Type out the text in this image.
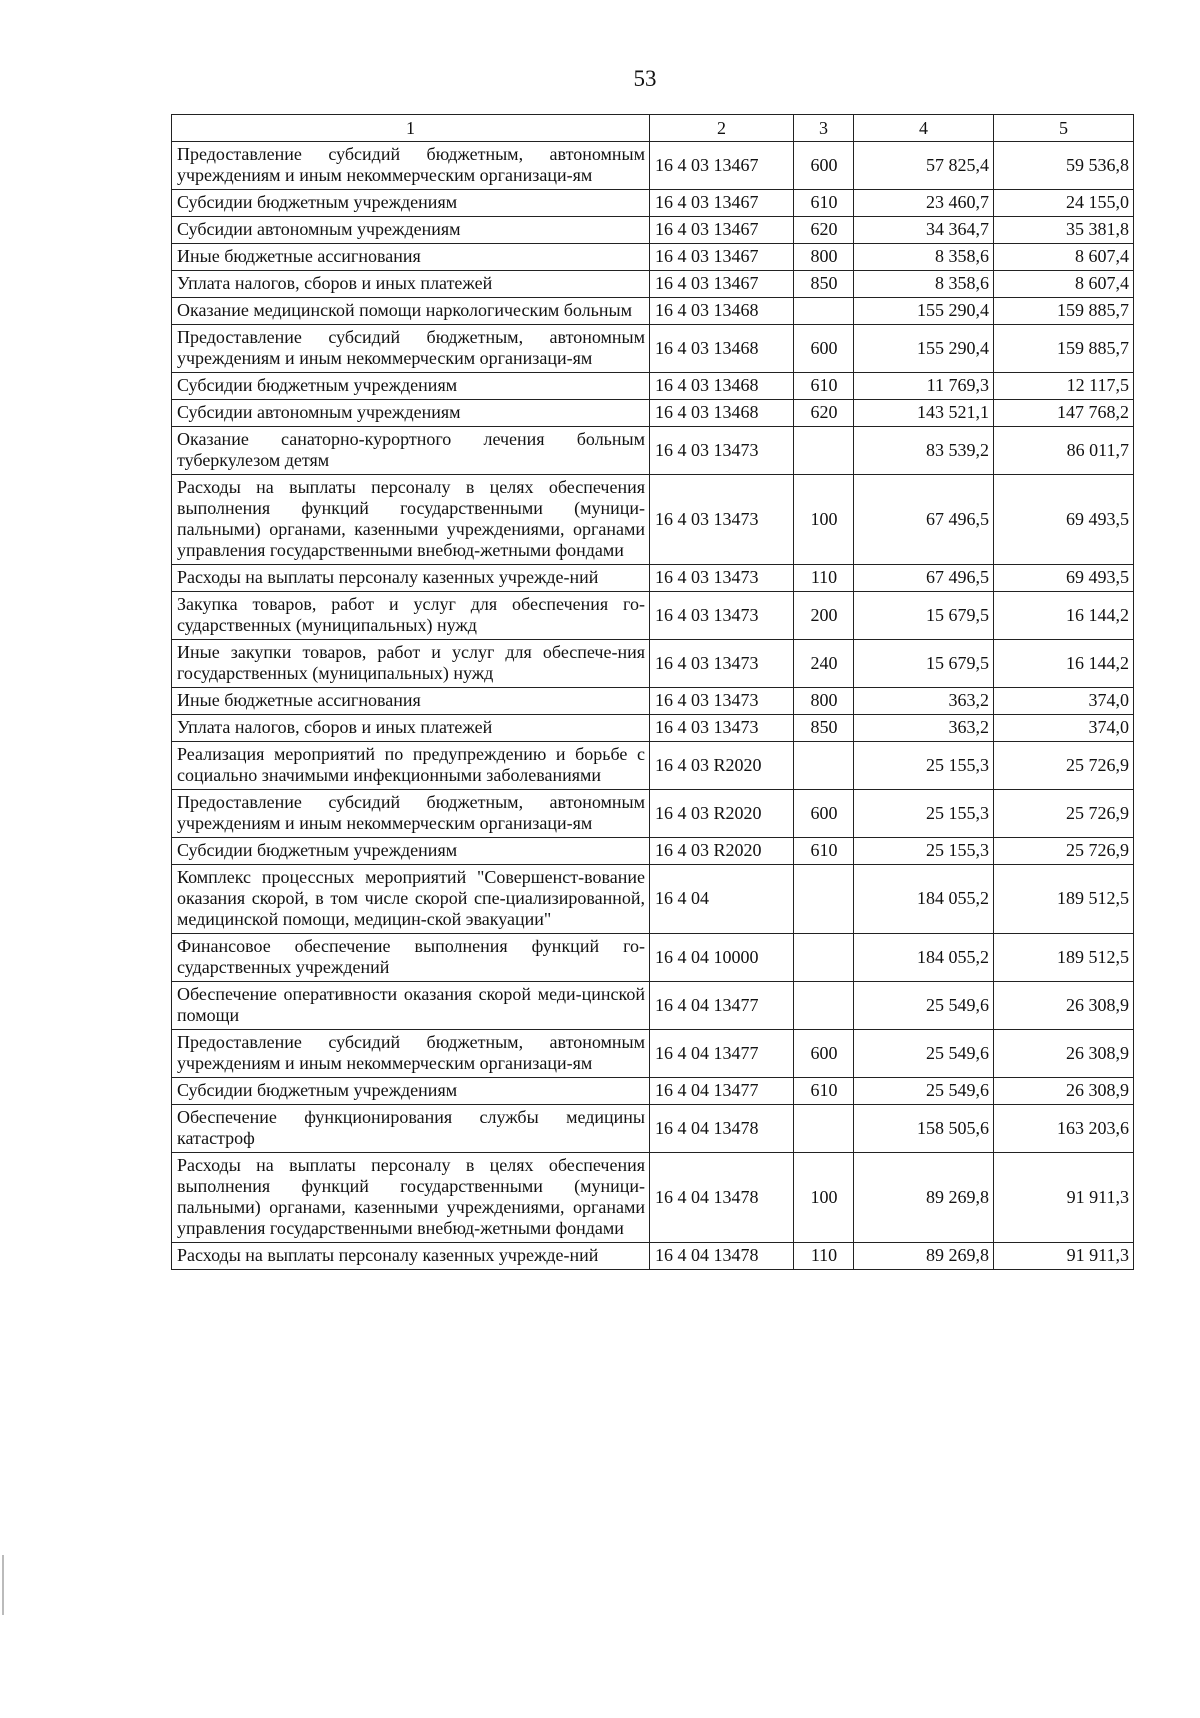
53
1	2	3	4	5
Предоставление субсидий бюджетным, автономным учреждениям и иным некоммерческим организаци-ям	16 4 03 13467	600	57 825,4	59 536,8
Субсидии бюджетным учреждениям	16 4 03 13467	610	23 460,7	24 155,0
Субсидии автономным учреждениям	16 4 03 13467	620	34 364,7	35 381,8
Иные бюджетные ассигнования	16 4 03 13467	800	8 358,6	8 607,4
Уплата налогов, сборов и иных платежей	16 4 03 13467	850	8 358,6	8 607,4
Оказание медицинской помощи наркологическим больным	16 4 03 13468		155 290,4	159 885,7
Предоставление субсидий бюджетным, автономным учреждениям и иным некоммерческим организаци-ям	16 4 03 13468	600	155 290,4	159 885,7
Субсидии бюджетным учреждениям	16 4 03 13468	610	11 769,3	12 117,5
Субсидии автономным учреждениям	16 4 03 13468	620	143 521,1	147 768,2
Оказание санаторно-курортного лечения больным туберкулезом детям	16 4 03 13473		83 539,2	86 011,7
Расходы на выплаты персоналу в целях обеспечения выполнения функций государственными (муници-пальными) органами, казенными учреждениями, органами управления государственными внебюд-жетными фондами	16 4 03 13473	100	67 496,5	69 493,5
Расходы на выплаты персоналу казенных учрежде-ний	16 4 03 13473	110	67 496,5	69 493,5
Закупка товаров, работ и услуг для обеспечения го-сударственных (муниципальных) нужд	16 4 03 13473	200	15 679,5	16 144,2
Иные закупки товаров, работ и услуг для обеспече-ния государственных (муниципальных) нужд	16 4 03 13473	240	15 679,5	16 144,2
Иные бюджетные ассигнования	16 4 03 13473	800	363,2	374,0
Уплата налогов, сборов и иных платежей	16 4 03 13473	850	363,2	374,0
Реализация мероприятий по предупреждению и борьбе с социально значимыми инфекционными заболеваниями	16 4 03 R2020		25 155,3	25 726,9
Предоставление субсидий бюджетным, автономным учреждениям и иным некоммерческим организаци-ям	16 4 03 R2020	600	25 155,3	25 726,9
Субсидии бюджетным учреждениям	16 4 03 R2020	610	25 155,3	25 726,9
Комплекс процессных мероприятий "Совершенст-вование оказания скорой, в том числе скорой спе-циализированной, медицинской помощи, медицин-ской эвакуации"	16 4 04		184 055,2	189 512,5
Финансовое обеспечение выполнения функций го-сударственных учреждений	16 4 04 10000		184 055,2	189 512,5
Обеспечение оперативности оказания скорой меди-цинской помощи	16 4 04 13477		25 549,6	26 308,9
Предоставление субсидий бюджетным, автономным учреждениям и иным некоммерческим организаци-ям	16 4 04 13477	600	25 549,6	26 308,9
Субсидии бюджетным учреждениям	16 4 04 13477	610	25 549,6	26 308,9
Обеспечение функционирования службы медицины катастроф	16 4 04 13478		158 505,6	163 203,6
Расходы на выплаты персоналу в целях обеспечения выполнения функций государственными (муници-пальными) органами, казенными учреждениями, органами управления государственными внебюд-жетными фондами	16 4 04 13478	100	89 269,8	91 911,3
Расходы на выплаты персоналу казенных учрежде-ний	16 4 04 13478	110	89 269,8	91 911,3
